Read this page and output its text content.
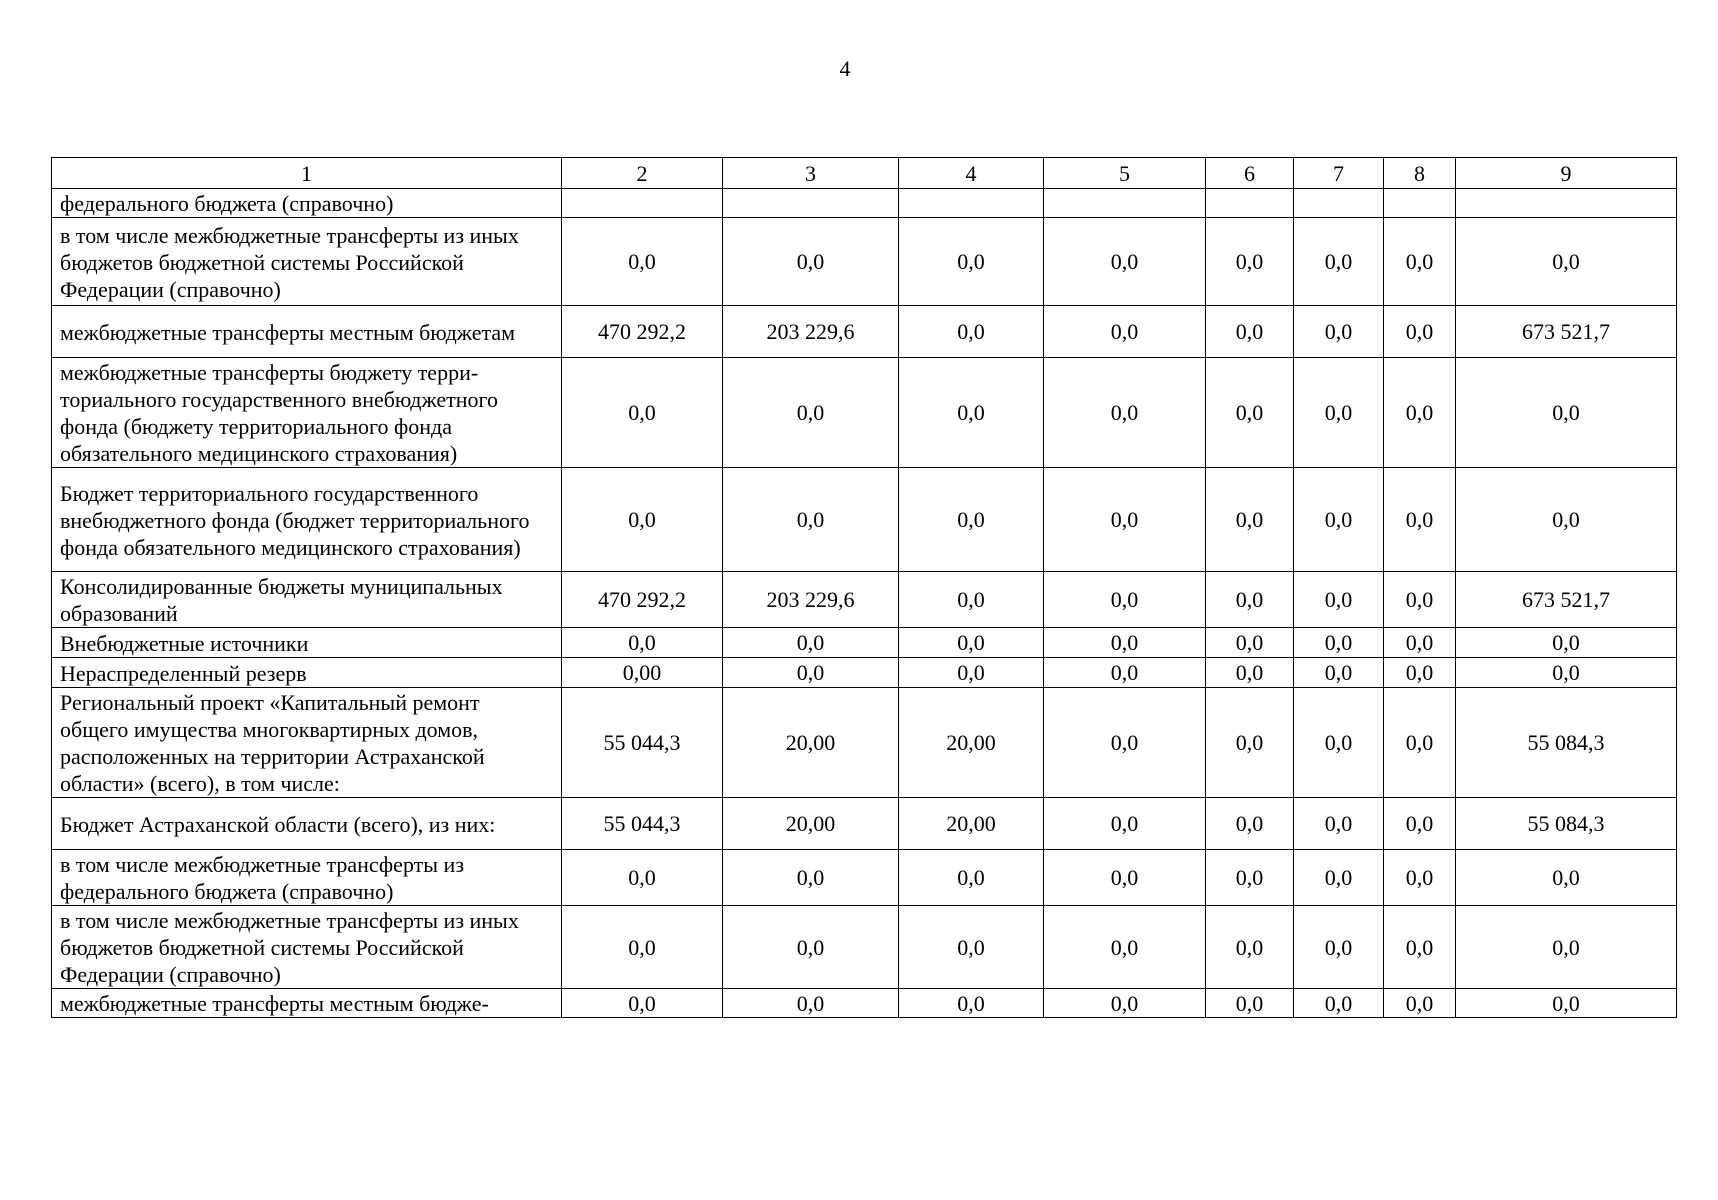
4
1	2	3	4	5	6	7	8	9
федерального бюджета (справочно)								
в том числе межбюджетные трансферты из иных бюджетов бюджетной системы Российской Федерации (справочно)	0,0	0,0	0,0	0,0	0,0	0,0	0,0	0,0
межбюджетные трансферты местным бюджетам	470 292,2	203 229,6	0,0	0,0	0,0	0,0	0,0	673 521,7
межбюджетные трансферты бюджету территориального государственного внебюджетного фонда (бюджету территориального фонда обязательного медицинского страхования)	0,0	0,0	0,0	0,0	0,0	0,0	0,0	0,0
Бюджет территориального государственного внебюджетного фонда (бюджет территориального фонда обязательного медицинского страхования)	0,0	0,0	0,0	0,0	0,0	0,0	0,0	0,0
Консолидированные бюджеты муниципальных образований	470 292,2	203 229,6	0,0	0,0	0,0	0,0	0,0	673 521,7
Внебюджетные источники	0,0	0,0	0,0	0,0	0,0	0,0	0,0	0,0
Нераспределенный резерв	0,00	0,0	0,0	0,0	0,0	0,0	0,0	0,0
Региональный проект «Капитальный ремонт общего имущества многоквартирных домов, расположенных на территории Астраханской области» (всего), в том числе:	55 044,3	20,00	20,00	0,0	0,0	0,0	0,0	55 084,3
Бюджет Астраханской области (всего), из них:	55 044,3	20,00	20,00	0,0	0,0	0,0	0,0	55 084,3
в том числе межбюджетные трансферты из федерального бюджета (справочно)	0,0	0,0	0,0	0,0	0,0	0,0	0,0	0,0
в том числе межбюджетные трансферты из иных бюджетов бюджетной системы Российской Федерации (справочно)	0,0	0,0	0,0	0,0	0,0	0,0	0,0	0,0
межбюджетные трансферты местным бюдже-	0,0	0,0	0,0	0,0	0,0	0,0	0,0	0,0
